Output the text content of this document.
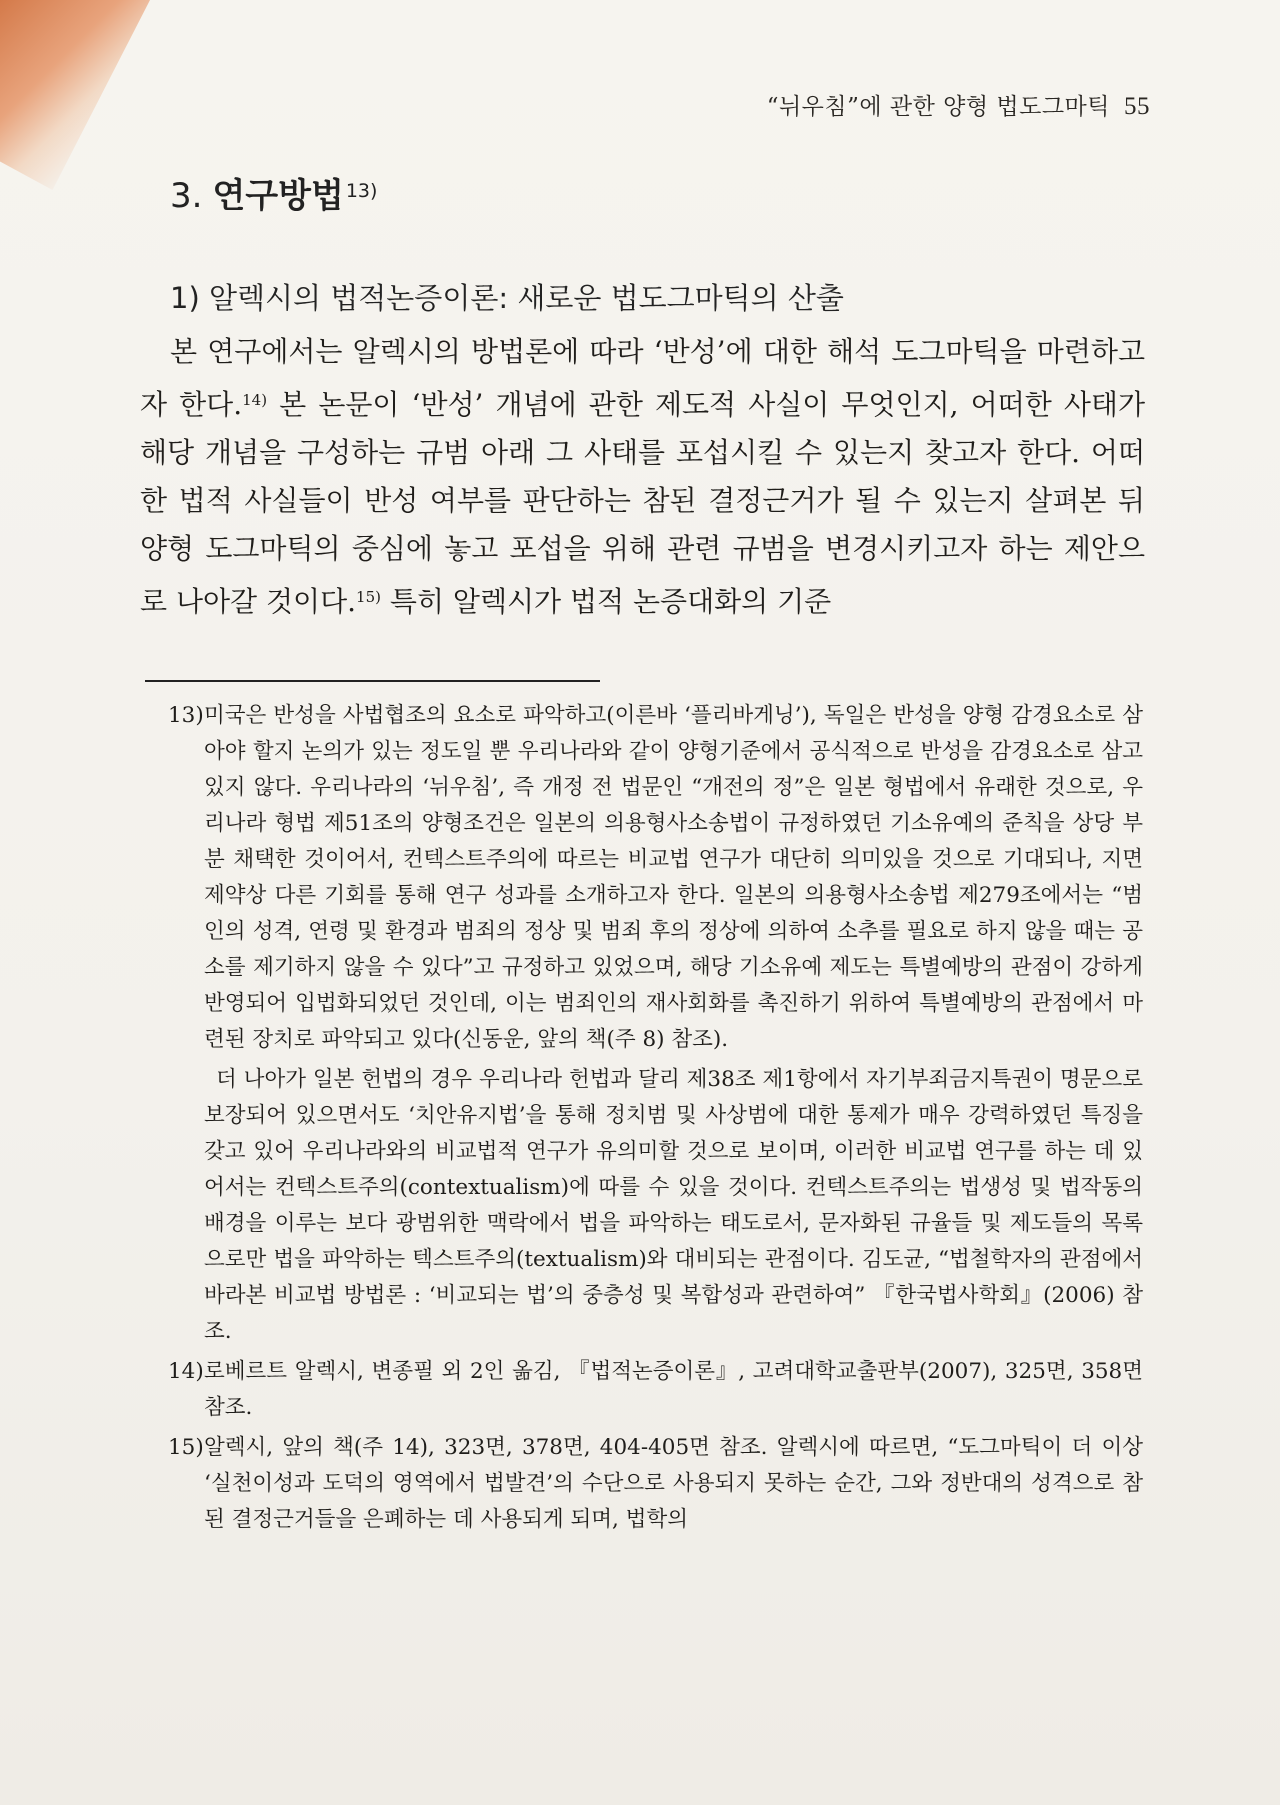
“뉘우침”에 관한 양형 법도그마틱 55
3. 연구방법 $^{13)}$
1) 알렉시의 법적논증이론: 새로운 법도그마틱의 산출
본 연구에서는 알렉시의 방법론에 따라 ‘반성’에 대한 해석 도그마틱을 마련하고자 한다.$^{14)}$ 본 논문이 ‘반성’ 개념에 관한 제도적 사실이 무엇인지, 어떠한 사태가 해당 개념을 구성하는 규범 아래 그 사태를 포섭시킬 수 있는지 찾고자 한다. 어떠한 법적 사실들이 반성 여부를 판단하는 참된 결정근거가 될 수 있는지 살펴본 뒤 양형 도그마틱의 중심에 놓고 포섭을 위해 관련 규범을 변경시키고자 하는 제안으로 나아갈 것이다.$^{15)}$ 특히 알렉시가 법적 논증대화의 기준
13) 미국은 반성을 사법협조의 요소로 파악하고(이른바 ‘플리바게닝’), 독일은 반성을 양형 감경요소로 삼아야 할지 논의가 있는 정도일 뿐 우리나라와 같이 양형기준에서 공식적으로 반성을 감경요소로 삼고 있지 않다. 우리나라의 ‘뉘우침’, 즉 개정 전 법문인 “개전의 정”은 일본 형법에서 유래한 것으로, 우리나라 형법 제51조의 양형조건은 일본의 의용형사소송법이 규정하였던 기소유예의 준칙을 상당 부분 채택한 것이어서, 컨텍스트주의에 따르는 비교법 연구가 대단히 의미있을 것으로 기대되나, 지면 제약상 다른 기회를 통해 연구 성과를 소개하고자 한다. 일본의 의용형사소송법 제279조에서는 “범인의 성격, 연령 및 환경과 범죄의 정상 및 범죄 후의 정상에 의하여 소추를 필요로 하지 않을 때는 공소를 제기하지 않을 수 있다”고 규정하고 있었으며, 해당 기소유예 제도는 특별예방의 관점이 강하게 반영되어 입법화되었던 것인데, 이는 범죄인의 재사회화를 촉진하기 위하여 특별예방의 관점에서 마련된 장치로 파악되고 있다(신동운, 앞의 책(주 8) 참조).

더 나아가 일본 헌법의 경우 우리나라 헌법과 달리 제38조 제1항에서 자기부죄금지특권이 명문으로 보장되어 있으면서도 ‘치안유지법’을 통해 정치범 및 사상범에 대한 통제가 매우 강력하였던 특징을 갖고 있어 우리나라와의 비교법적 연구가 유의미할 것으로 보이며, 이러한 비교법 연구를 하는 데 있어서는 컨텍스트주의(contextualism)에 따를 수 있을 것이다. 컨텍스트주의는 법생성 및 법작동의 배경을 이루는 보다 광범위한 맥락에서 법을 파악하는 태도로서, 문자화된 규율들 및 제도들의 목록으로만 법을 파악하는 텍스트주의(textualism)와 대비되는 관점이다. 김도균, “법철학자의 관점에서 바라본 비교법 방법론 : ‘비교되는 법’의 중층성 및 복합성과 관련하여” 『한국법사학회』(2006) 참조.

14) 로베르트 알렉시, 변종필 외 2인 옮김, 『법적논증이론』, 고려대학교출판부(2007), 325면, 358면 참조.

15) 알렉시, 앞의 책(주 14), 323면, 378면, 404-405면 참조. 알렉시에 따르면, “도그마틱이 더 이상 ‘실천이성과 도덕의 영역에서 법발견’의 수단으로 사용되지 못하는 순간, 그와 정반대의 성격으로 참된 결정근거들을 은폐하는 데 사용되게 되며, 법학의
